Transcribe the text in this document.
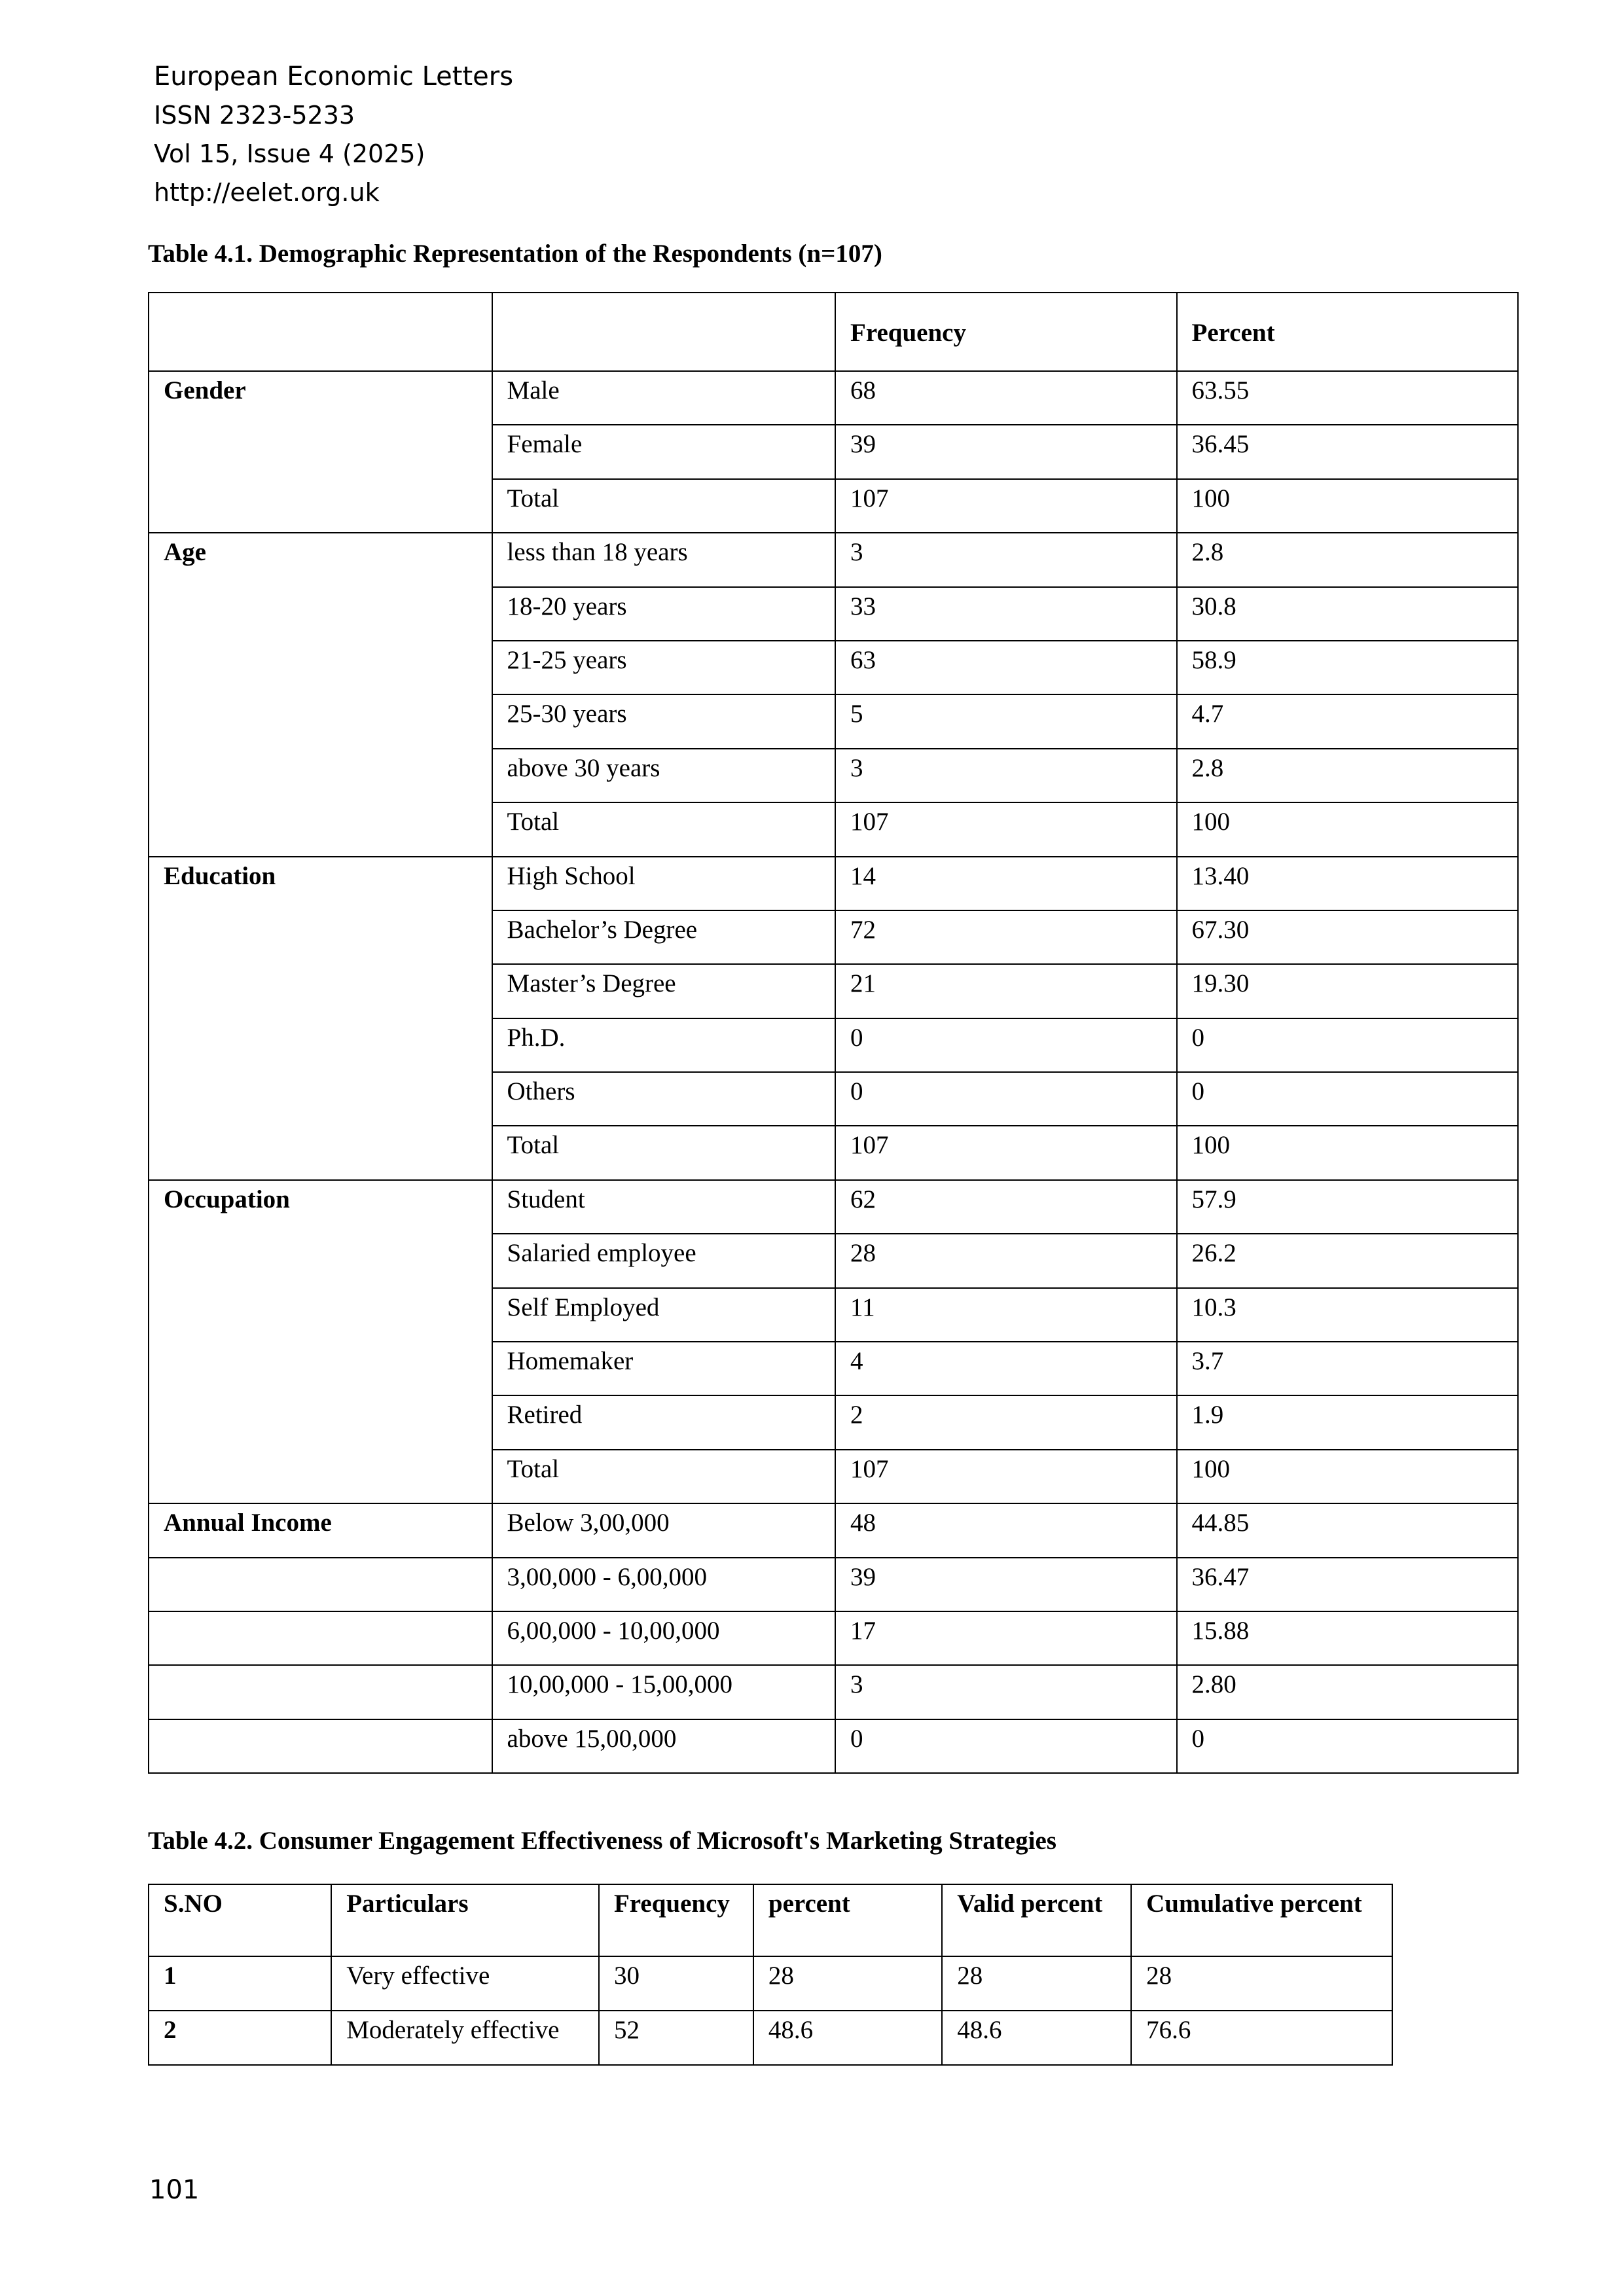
European Economic Letters
ISSN 2323-5233
Vol 15, Issue 4 (2025)
http://eelet.org.uk

Table 4.1. Demographic Representation of the Respondents (n=107)

		Frequency	Percent
Gender	Male	68	63.55
	Female	39	36.45
	Total	107	100
Age	less than 18 years	3	2.8
	18-20 years	33	30.8
	21-25 years	63	58.9
	25-30 years	5	4.7
	above 30 years	3	2.8
	Total	107	100
Education	High School	14	13.40
	Bachelor’s Degree	72	67.30
	Master’s Degree	21	19.30
	Ph.D.	0	0
	Others	0	0
	Total	107	100
Occupation	Student	62	57.9
	Salaried employee	28	26.2
	Self Employed	11	10.3
	Homemaker	4	3.7
	Retired	2	1.9
	Total	107	100
Annual Income	Below 3,00,000	48	44.85
	3,00,000 - 6,00,000	39	36.47
	6,00,000 - 10,00,000	17	15.88
	10,00,000 - 15,00,000	3	2.80
	above 15,00,000	0	0

Table 4.2. Consumer Engagement Effectiveness of Microsoft's Marketing Strategies

S.NO	Particulars	Frequency	percent	Valid percent	Cumulative percent
1	Very effective	30	28	28	28
2	Moderately effective	52	48.6	48.6	76.6
101
